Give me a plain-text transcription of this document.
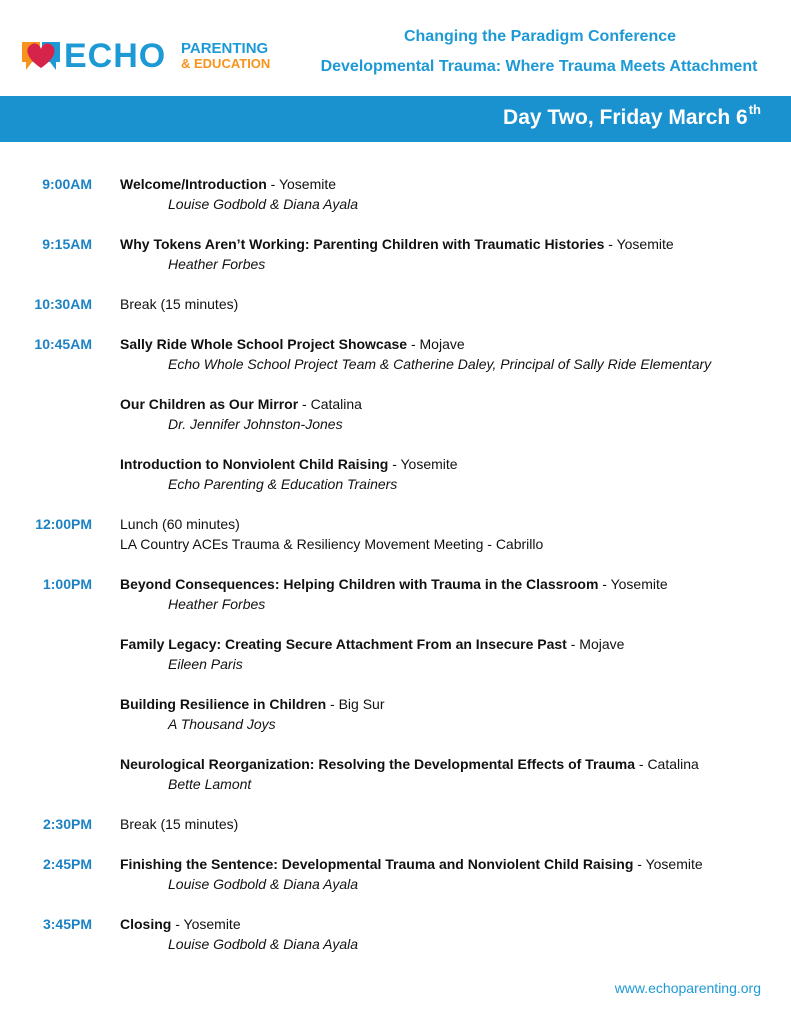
ECHO PARENTING
& EDUCATION
Changing the Paradigm Conference
Developmental Trauma: Where Trauma Meets Attachment
Day Two, Friday March 6th
9:00AM Welcome/Introduction - Yosemite
Louise Godbold & Diana Ayala
9:15AM Why Tokens Aren’t Working: Parenting Children with Traumatic Histories - Yosemite
Heather Forbes
10:30AM Break (15 minutes)
10:45AM Sally Ride Whole School Project Showcase - Mojave
Echo Whole School Project Team & Catherine Daley, Principal of Sally Ride Elementary
Our Children as Our Mirror - Catalina
Dr. Jennifer Johnston-Jones
Introduction to Nonviolent Child Raising - Yosemite
Echo Parenting & Education Trainers
12:00PM Lunch (60 minutes)
LA Country ACEs Trauma & Resiliency Movement Meeting - Cabrillo
1:00PM Beyond Consequences: Helping Children with Trauma in the Classroom - Yosemite
Heather Forbes
Family Legacy: Creating Secure Attachment From an Insecure Past - Mojave
Eileen Paris
Building Resilience in Children - Big Sur
A Thousand Joys
Neurological Reorganization: Resolving the Developmental Effects of Trauma - Catalina
Bette Lamont
2:30PM Break (15 minutes)
2:45PM Finishing the Sentence: Developmental Trauma and Nonviolent Child Raising - Yosemite
Louise Godbold & Diana Ayala
3:45PM Closing - Yosemite
Louise Godbold & Diana Ayala
www.echoparenting.org
